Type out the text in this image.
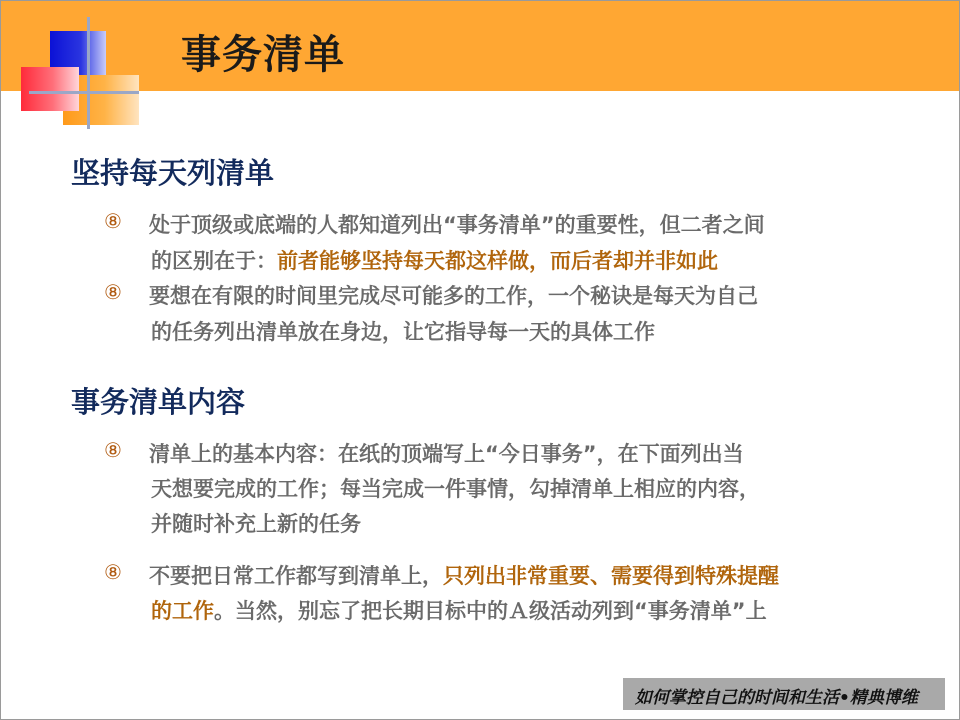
事务清单
坚持每天列清单
⑧ 处于顶级或底端的人都知道列出“事务清单”的重要性，但二者之间
的区别在于：前者能够坚持每天都这样做，而后者却并非如此
⑧ 要想在有限的时间里完成尽可能多的工作，一个秘诀是每天为自己
的任务列出清单放在身边，让它指导每一天的具体工作
事务清单内容
⑧ 清单上的基本内容：在纸的顶端写上“今日事务”，在下面列出当
天想要完成的工作；每当完成一件事情，勾掉清单上相应的内容，
并随时补充上新的任务
⑧ 不要把日常工作都写到清单上，只列出非常重要、需要得到特殊提醒
的工作。当然，别忘了把长期目标中的Ａ级活动列到“事务清单”上
如何掌控自己的时间和生活•精典博维
